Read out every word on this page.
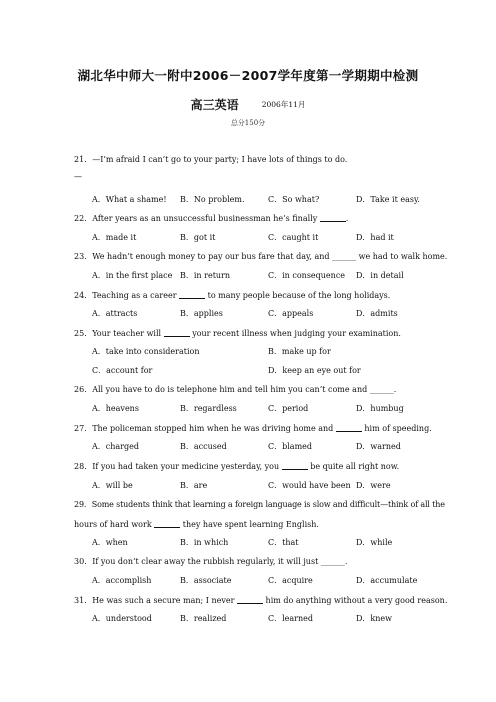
湖北华中师大一附中2006－2007学年度第一学期期中检测
高三英语	2006年11月
总分150分
21．—I’m afraid I can’t go to your party; I have lots of things to do.
—
A．What a shame! B．No problem.	C．So what?	D．Take it easy.
22．After years as an unsuccessful businessman he’s finally	.
A．made it	B．got it	C．caught it	D．had it
23．We hadn’t enough money to pay our bus fare that day, and ______ we had to walk home.
A．in the first place B．in return	C．in consequence D．in detail
24．Teaching as a career	to many people because of the long holidays.
A．attracts	B．applies	C．appeals	D．admits
25．Your teacher will	your recent illness when judging your examination.
A．take into consideration	B．make up for
C．account for	D．keep an eye out for
26．All you have to do is telephone him and tell him you can’t come and ______.
A．heavens	B．regardless	C．period	D．humbug
27．The policeman stopped him when he was driving home and	him of speeding.
A．charged	B．accused	C．blamed	D．warned
28．If you had taken your medicine yesterday, you	be quite all right now.
A．will be	B．are	C．would have been D．were
29．Some students think that learning a foreign language is slow and difficult—think of all the
hours of hard work	they have spent learning English.
A．when	B．in which	C．that	D．while
30．If you don’t clear away the rubbish regularly, it will just ______.
A．accomplish	B．associate	C．acquire	D．accumulate
31．He was such a secure man; I never	him do anything without a very good reason.
A．understood	B．realized	C．learned	D．knew
